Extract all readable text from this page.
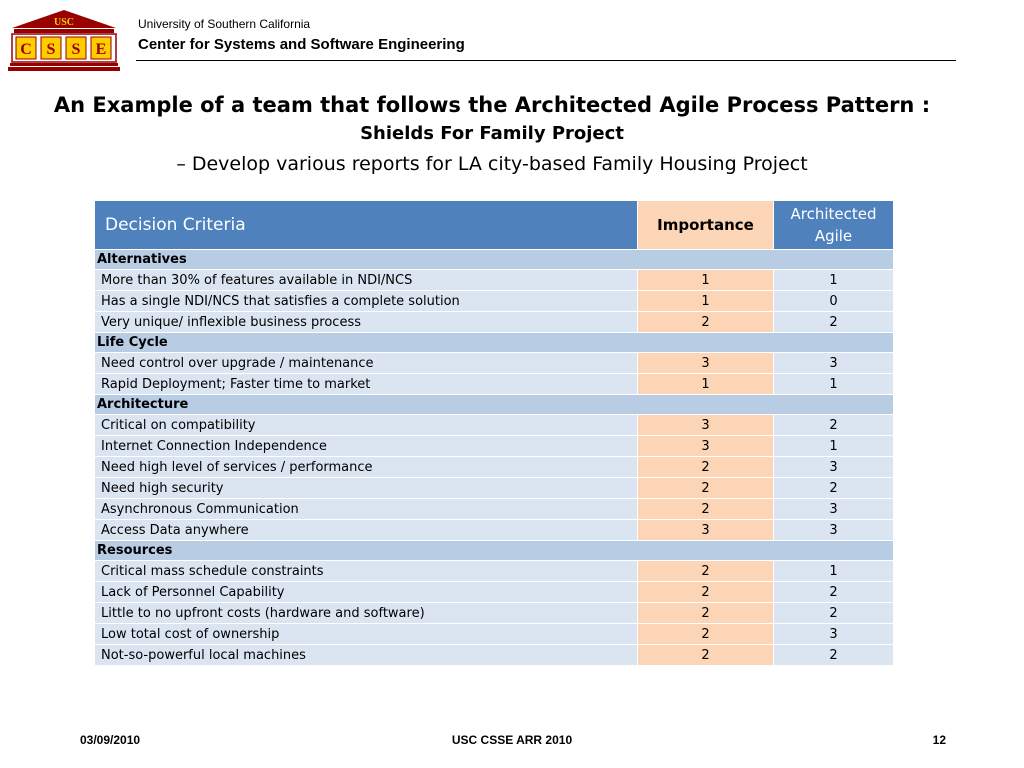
USC
C S S E
University of Southern California
Center for Systems and Software Engineering
An Example of a team that follows the Architected Agile Process Pattern :
Shields For Family Project
– Develop various reports for LA city-based Family Housing Project
Decision Criteria	Importance	Architected
Agile

Alternatives		
More than 30% of features available in NDI/NCS	1	1
Has a single NDI/NCS that satisfies a complete solution	1	0
Very unique/ inflexible business process	2	2
Life Cycle		
Need control over upgrade / maintenance	3	3
Rapid Deployment; Faster time to market	1	1
Architecture		
Critical on compatibility	3	2
Internet Connection Independence	3	1
Need high level of services / performance	2	3
Need high security	2	2
Asynchronous Communication	2	3
Access Data anywhere	3	3
Resources		
Critical mass schedule constraints	2	1
Lack of Personnel Capability	2	2
Little to no upfront costs (hardware and software)	2	2
Low total cost of ownership	2	3
Not-so-powerful local machines	2	2
03/09/2010	USC CSSE ARR 2010	12
